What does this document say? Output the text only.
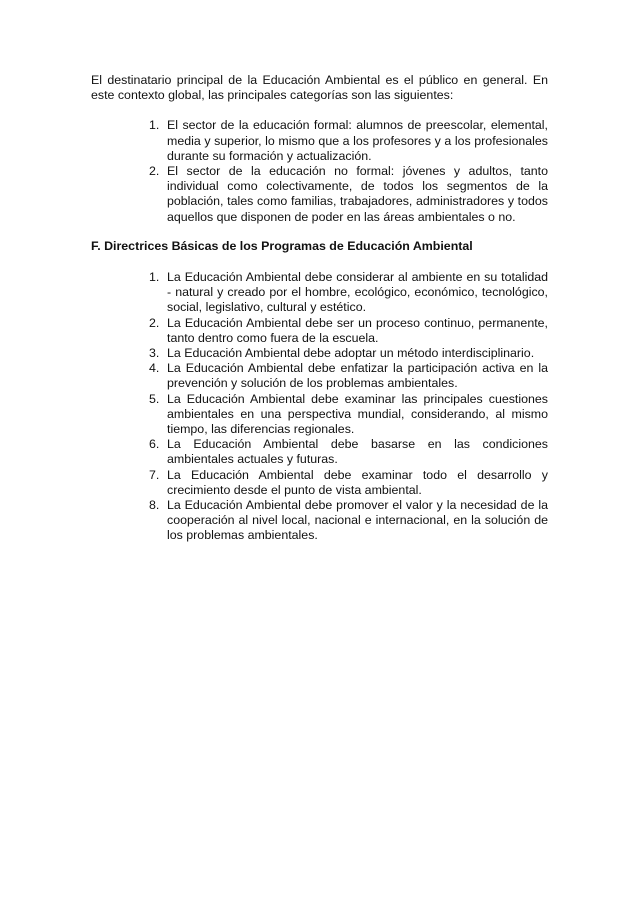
El destinatario principal de la Educación Ambiental es el público en general. En este contexto global, las principales categorías son las siguientes:

1. El sector de la educación formal: alumnos de preescolar, elemental, media y superior, lo mismo que a los profesores y a los profesionales durante su formación y actualización.
2. El sector de la educación no formal: jóvenes y adultos, tanto individual como colectivamente, de todos los segmentos de la población, tales como familias, trabajadores, administradores y todos aquellos que disponen de poder en las áreas ambientales o no.

F. Directrices Básicas de los Programas de Educación Ambiental

1. La Educación Ambiental debe considerar al ambiente en su totalidad - natural y creado por el hombre, ecológico, económico, tecnológico, social, legislativo, cultural y estético.
2. La Educación Ambiental debe ser un proceso continuo, permanente, tanto dentro como fuera de la escuela.
3. La Educación Ambiental debe adoptar un método interdisciplinario.
4. La Educación Ambiental debe enfatizar la participación activa en la prevención y solución de los problemas ambientales.
5. La Educación Ambiental debe examinar las principales cuestiones ambientales en una perspectiva mundial, considerando, al mismo tiempo, las diferencias regionales.
6. La Educación Ambiental debe basarse en las condiciones ambientales actuales y futuras.
7. La Educación Ambiental debe examinar todo el desarrollo y crecimiento desde el punto de vista ambiental.
8. La Educación Ambiental debe promover el valor y la necesidad de la cooperación al nivel local, nacional e internacional, en la solución de los problemas ambientales.
